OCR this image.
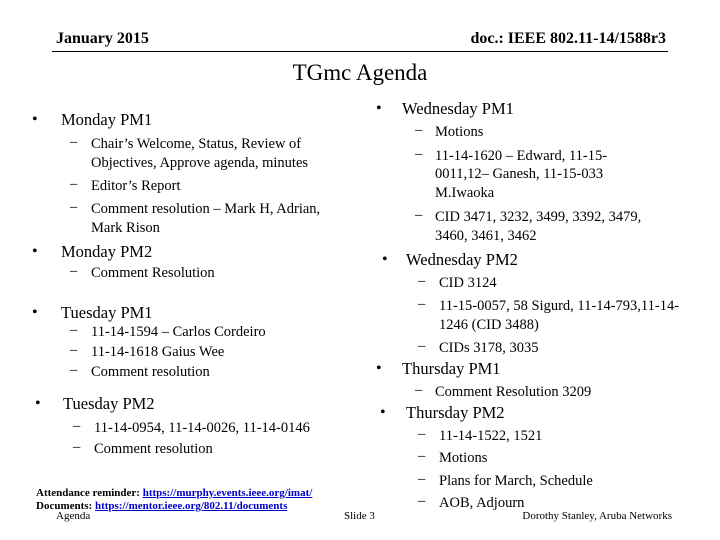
January 2015	doc.: IEEE 802.11-14/1588r3
TGmc Agenda
• Monday PM1
– Chair’s Welcome, Status, Review of
Objectives, Approve agenda, minutes
– Editor’s Report
– Comment resolution – Mark H, Adrian,
Mark Rison
• Monday PM2
– Comment Resolution
• Tuesday PM1
– 11-14-1594 – Carlos Cordeiro
– 11-14-1618 Gaius Wee
– Comment resolution
• Tuesday PM2
– 11-14-0954, 11-14-0026, 11-14-0146
– Comment resolution
• Wednesday PM1
– Motions
– 11-14-1620 – Edward, 11-15-
0011,12– Ganesh, 11-15-033
M.Iwaoka
– CID 3471, 3232, 3499, 3392, 3479,
3460, 3461, 3462
• Wednesday PM2
– CID 3124
– 11-15-0057, 58 Sigurd, 11-14-793,11-14-
1246 (CID 3488)
– CIDs 3178, 3035
• Thursday PM1
– Comment Resolution 3209
• Thursday PM2
– 11-14-1522, 1521
– Motions
– Plans for March, Schedule
– AOB, Adjourn
Attendance reminder: https://murphy.events.ieee.org/imat/
Documents: https://mentor.ieee.org/802.11/documents
Agenda	Slide 3	Dorothy Stanley, Aruba Networks
